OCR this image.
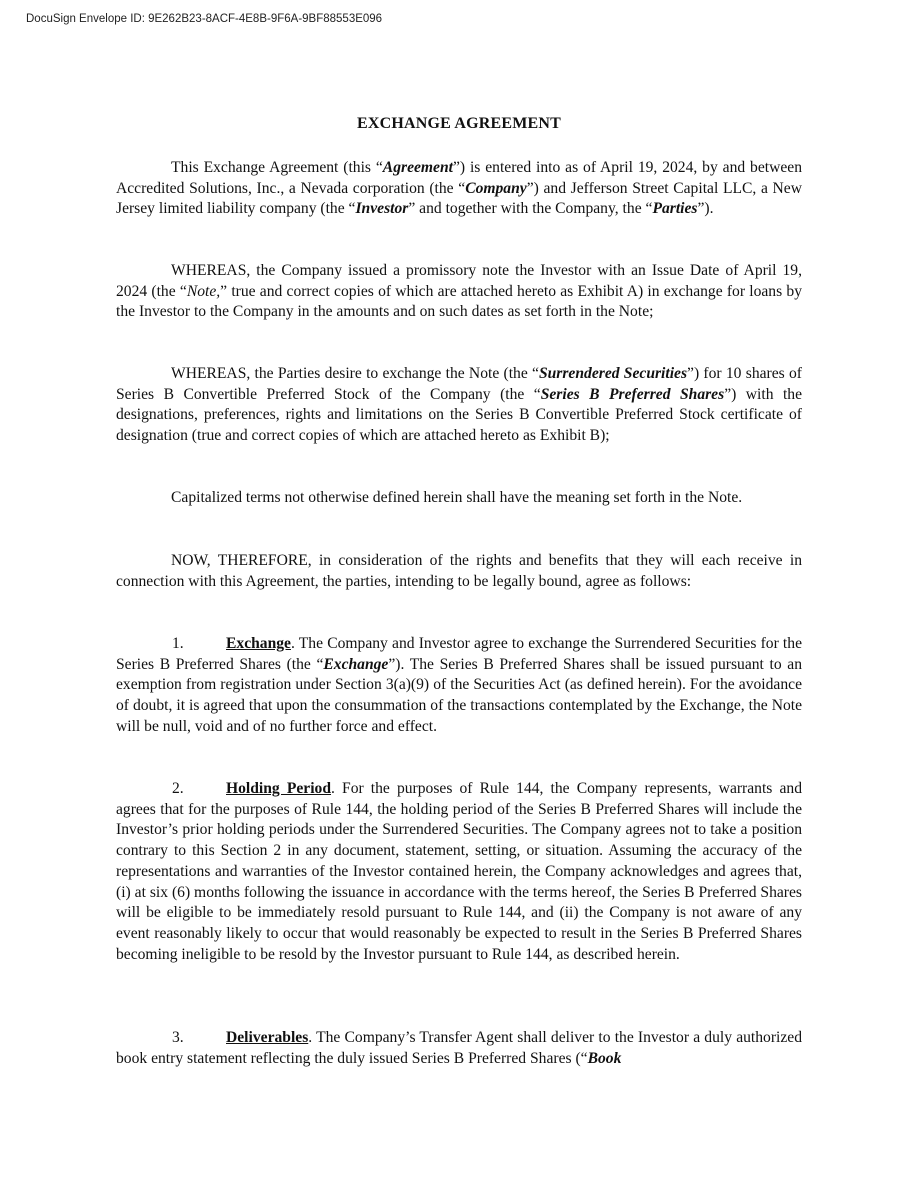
DocuSign Envelope ID: 9E262B23-8ACF-4E8B-9F6A-9BF88553E096
EXCHANGE AGREEMENT

This Exchange Agreement (this “Agreement”) is entered into as of April 19, 2024, by and between Accredited Solutions, Inc., a Nevada corporation (the “Company”) and Jefferson Street Capital LLC, a New Jersey limited liability company (the “Investor” and together with the Company, the “Parties”).

WHEREAS, the Company issued a promissory note the Investor with an Issue Date of April 19, 2024 (the “Note,” true and correct copies of which are attached hereto as Exhibit A) in exchange for loans by the Investor to the Company in the amounts and on such dates as set forth in the Note;

WHEREAS, the Parties desire to exchange the Note (the “Surrendered Securities”) for 10 shares of Series B Convertible Preferred Stock of the Company (the “Series B Preferred Shares”) with the designations, preferences, rights and limitations on the Series B Convertible Preferred Stock certificate of designation (true and correct copies of which are attached hereto as Exhibit B);

Capitalized terms not otherwise defined herein shall have the meaning set forth in the Note.

NOW, THEREFORE, in consideration of the rights and benefits that they will each receive in connection with this Agreement, the parties, intending to be legally bound, agree as follows:

1.	Exchange. The Company and Investor agree to exchange the Surrendered Securities for the Series B Preferred Shares (the “Exchange”). The Series B Preferred Shares shall be issued pursuant to an exemption from registration under Section 3(a)(9) of the Securities Act (as defined herein). For the avoidance of doubt, it is agreed that upon the consummation of the transactions contemplated by the Exchange, the Note will be null, void and of no further force and effect.

2.	Holding Period. For the purposes of Rule 144, the Company represents, warrants and agrees that for the purposes of Rule 144, the holding period of the Series B Preferred Shares will include the Investor’s prior holding periods under the Surrendered Securities. The Company agrees not to take a position contrary to this Section 2 in any document, statement, setting, or situation. Assuming the accuracy of the representations and warranties of the Investor contained herein, the Company acknowledges and agrees that, (i) at six (6) months following the issuance in accordance with the terms hereof, the Series B Preferred Shares will be eligible to be immediately resold pursuant to Rule 144, and (ii) the Company is not aware of any event reasonably likely to occur that would reasonably be expected to result in the Series B Preferred Shares becoming ineligible to be resold by the Investor pursuant to Rule 144, as described herein.

3.	Deliverables. The Company’s Transfer Agent shall deliver to the Investor a duly authorized book entry statement reflecting the duly issued Series B Preferred Shares (“Book
